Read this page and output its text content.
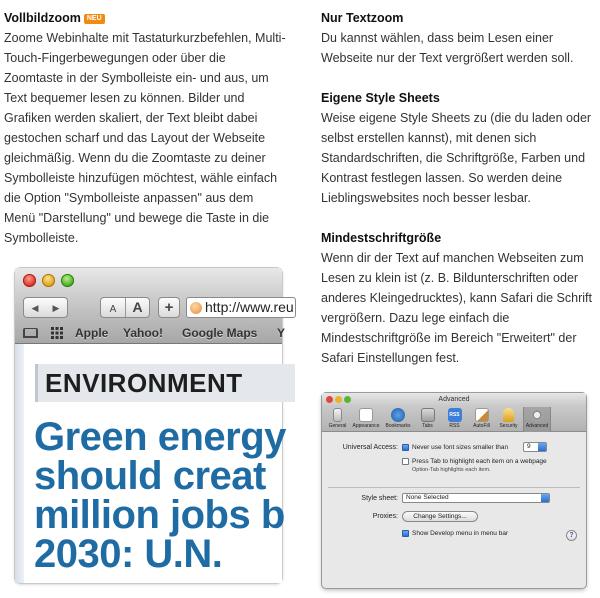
Vollbildzoom NEU

Zoome Webinhalte mit Tastaturkurzbefehlen, Multi-Touch-Fingerbewegungen oder über die Zoomtaste in der Symbolleiste ein- und aus, um Text bequemer lesen zu können. Bilder und Grafiken werden skaliert, der Text bleibt dabei gestochen scharf und das Layout der Webseite gleichmäßig. Wenn du die Zoomtaste zu deiner Symbolleiste hinzufügen möchtest, wähle einfach die Option "Symbolleiste anpassen" aus dem Menü "Darstellung" und bewege die Taste in die Symbolleiste.

Nur Textzoom

Du kannst wählen, dass beim Lesen einer Webseite nur der Text vergrößert werden soll.

Eigene Style Sheets

Weise eigene Style Sheets zu (die du laden oder selbst erstellen kannst), mit denen sich Standardschriften, die Schriftgröße, Farben und Kontrast festlegen lassen. So werden deine Lieblingswebsites noch besser lesbar.

Mindestschriftgröße

Wenn dir der Text auf manchen Webseiten zum Lesen zu klein ist (z. B. Bildunterschriften oder anderes Kleingedrucktes), kann Safari die Schrift vergrößern. Dazu lege einfach die Mindestschriftgröße im Bereich "Erweitert" der Safari Einstellungen fest.

◀ ▶	A A	+	http://www.reu
Apple Yahoo! Google Maps Y
ENVIRONMENT
Green energy
should creat
million jobs b
2030: U.N.
Advanced
General	Appearance	Bookmarks	Tabs
RSS
RSS	AutoFill	Security	Advanced
Universal Access: Never use font sizes smaller than	9
Press Tab to highlight each item on a webpage
Option-Tab highlights each item.
Style sheet:	None Selected
Proxies:	Change Settings...
Show Develop menu in menu bar	?
